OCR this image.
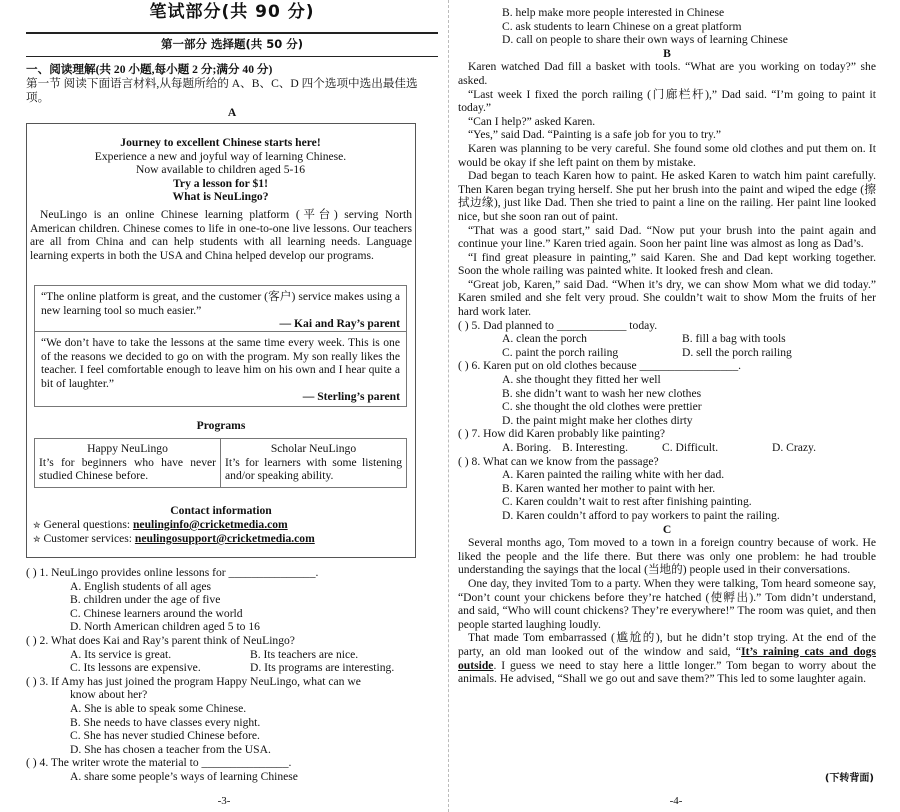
笔试部分(共 90 分)
第一部分 选择题(共 50 分)
一、阅读理解(共 20 小题,每小题 2 分;满分 40 分)
第一节 阅读下面语言材料,从每题所给的 A、B、C、D 四个选项中选出最佳选项。
A

Journey to excellent Chinese starts here!

Experience a new and joyful way of learning Chinese.

Now available to children aged 5-16

Try a lesson for $1!

What is NeuLingo?

NeuLingo is an online Chinese learning platform (平台) serving North American children. Chinese comes to life in one-to-one live lessons. Our teachers are all from China and can help students with all learning needs. Language learning experts in both the USA and China helped develop our programs.

“The online platform is great, and the customer (客户) service makes using a new learning tool so much easier.”

— Kai and Ray’s parent

“We don’t have to take the lessons at the same time every week. This is one of the reasons we decided to go on with the program. My son really likes the teacher. I feel comfortable enough to leave him on his own and I hear quite a bit of laughter.”

— Sterling’s parent

Programs

Happy NeuLingo

It’s for beginners who have never studied Chinese before.

Scholar NeuLingo

It’s for learners with some listening and/or speaking ability.

Contact information

✮ General questions: neulinginfo@cricketmedia.com

✮ Customer services: neulingosupport@cricketmedia.com

( ) 1. NeuLingo provides online lessons for _______________.

A. English students of all ages

B. children under the age of five

C. Chinese learners around the world

D. North American children aged 5 to 16

( ) 2. What does Kai and Ray’s parent think of NeuLingo?

A. Its service is great.	B. Its teachers are nice.
C. Its lessons are expensive.	D. Its programs are interesting.

( ) 3. If Amy has just joined the program Happy NeuLingo, what can we

know about her?

A. She is able to speak some Chinese.

B. She needs to have classes every night.

C. She has never studied Chinese before.

D. She has chosen a teacher from the USA.

( ) 4. The writer wrote the material to _______________.

A. share some people’s ways of learning Chinese

-3-

B. help make more people interested in Chinese

C. ask students to learn Chinese on a great platform

D. call on people to share their own ways of learning Chinese

B

Karen watched Dad fill a basket with tools. “What are you working on today?” she asked.

“Last week I fixed the porch railing (门廊栏杆),” Dad said. “I’m going to paint it today.”

“Can I help?” asked Karen.

“Yes,” said Dad. “Painting is a safe job for you to try.”

Karen was planning to be very careful. She found some old clothes and put them on. It would be okay if she left paint on them by mistake.

Dad began to teach Karen how to paint. He asked Karen to watch him paint carefully. Then Karen began trying herself. She put her brush into the paint and wiped the edge (擦拭边缘), just like Dad. Then she tried to paint a line on the railing. Her paint line looked nice, but she soon ran out of paint.

“That was a good start,” said Dad. “Now put your brush into the paint again and continue your line.” Karen tried again. Soon her paint line was almost as long as Dad’s.

“I find great pleasure in painting,” said Karen. She and Dad kept working together. Soon the whole railing was painted white. It looked fresh and clean.

“Great job, Karen,” said Dad. “When it’s dry, we can show Mom what we did today.” Karen smiled and she felt very proud. She couldn’t wait to show Mom the fruits of her hard work later.

( ) 5. Dad planned to ____________ today.

A. clean the porch	B. fill a bag with tools
C. paint the porch railing	D. sell the porch railing

( ) 6. Karen put on old clothes because _________________.

A. she thought they fitted her well

B. she didn’t want to wash her new clothes

C. she thought the old clothes were prettier

D. the paint might make her clothes dirty

( ) 7. How did Karen probably like painting?

A. Boring. B. Interesting.	C. Difficult.	D. Crazy.

( ) 8. What can we know from the passage?

A. Karen painted the railing white with her dad.

B. Karen wanted her mother to paint with her.

C. Karen couldn’t wait to rest after finishing painting.

D. Karen couldn’t afford to pay workers to paint the railing.

C

Several months ago, Tom moved to a town in a foreign country because of work. He liked the people and the life there. But there was only one problem: he had trouble understanding the sayings that the local (当地的) people used in their conversations.

One day, they invited Tom to a party. When they were talking, Tom heard someone say, “Don’t count your chickens before they’re hatched (使孵出).” Tom didn’t understand, and said, “Who will count chickens? They’re everywhere!” The room was quiet, and then people started laughing loudly.

That made Tom embarrassed (尴尬的), but he didn’t stop trying. At the end of the party, an old man looked out of the window and said, “It’s raining cats and dogs outside. I guess we need to stay here a little longer.” Tom began to worry about the animals. He advised, “Shall we go out and save them?” This led to some laughter again.

(下转背面)
-4-
